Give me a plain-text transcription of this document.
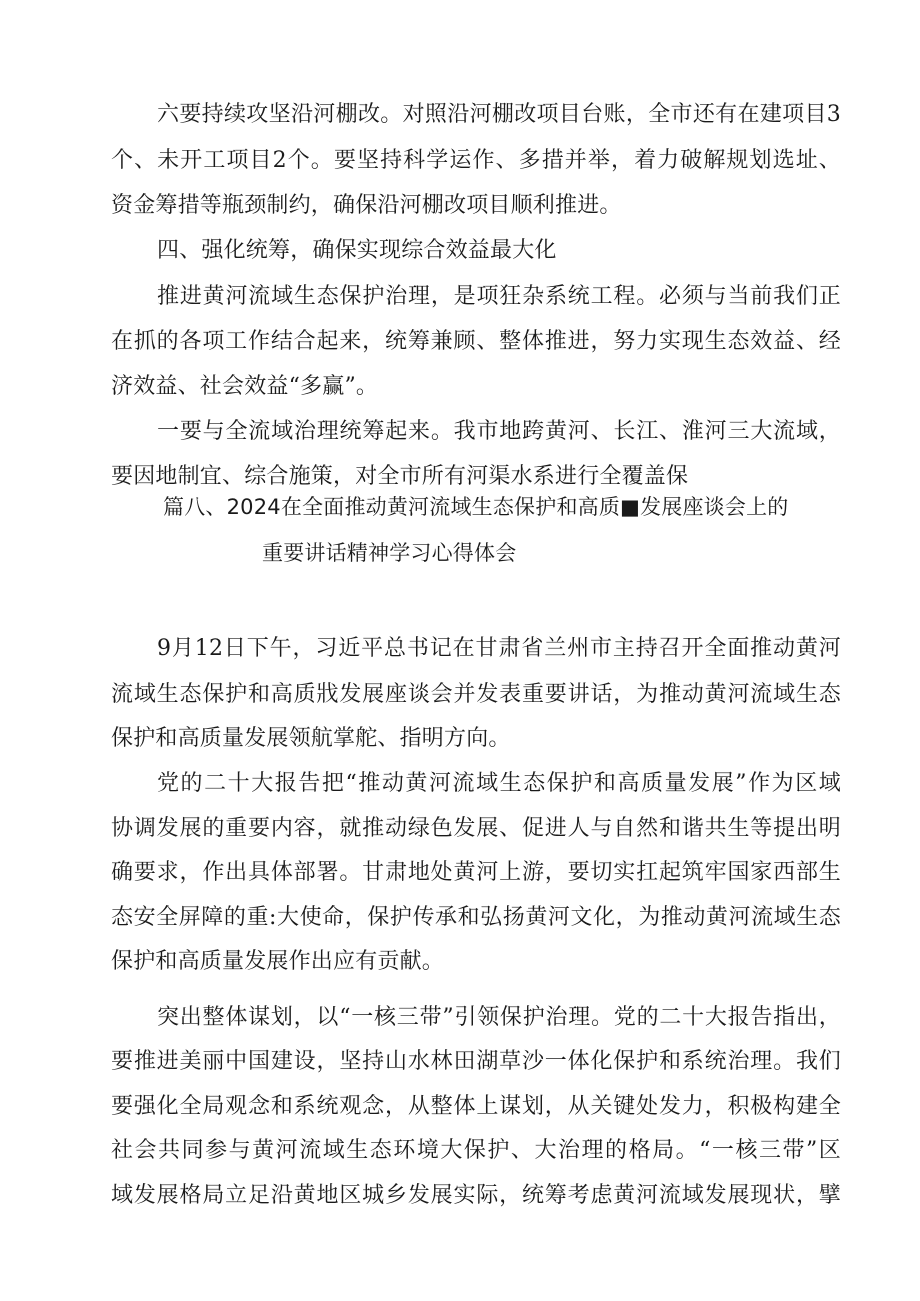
六要持续攻坚沿河棚改。对照沿河棚改项目台账，全市还有在建项目3
个、未开工项目2个。要坚持科学运作、多措并举，着力破解规划选址、
资金筹措等瓶颈制约，确保沿河棚改项目顺利推进。
四、强化统筹，确保实现综合效益最大化
推进黄河流域生态保护治理，是项狂杂系统工程。必须与当前我们正
在抓的各项工作结合起来，统筹兼顾、整体推进，努力实现生态效益、经
济效益、社会效益“多赢”。
一要与全流域治理统筹起来。我市地跨黄河、长江、淮河三大流域，
要因地制宜、综合施策，对全市所有河渠水系进行全覆盖保
篇八、2024在全面推动黄河流域生态保护和高质■发展座谈会上的
重要讲话精神学习心得体会
9月12日下午，习近平总书记在甘肃省兰州市主持召开全面推动黄河
流域生态保护和高质戕发展座谈会并发表重要讲话，为推动黄河流域生态
保护和高质量发展领航掌舵、指明方向。
党的二十大报告把“推动黄河流域生态保护和高质量发展”作为区域
协调发展的重要内容，就推动绿色发展、促进人与自然和谐共生等提出明
确要求，作出具体部署。甘肃地处黄河上游，要切实扛起筑牢国家西部生
态安全屏障的重:大使命，保护传承和弘扬黄河文化，为推动黄河流域生态
保护和高质量发展作出应有贡献。
突出整体谋划，以“一核三带”引领保护治理。党的二十大报告指出，
要推进美丽中国建设，坚持山水林田湖草沙一体化保护和系统治理。我们
要强化全局观念和系统观念，从整体上谋划，从关键处发力，积极构建全
社会共同参与黄河流域生态环境大保护、大治理的格局。“一核三带”区
域发展格局立足沿黄地区城乡发展实际，统筹考虑黄河流域发展现状，擘
